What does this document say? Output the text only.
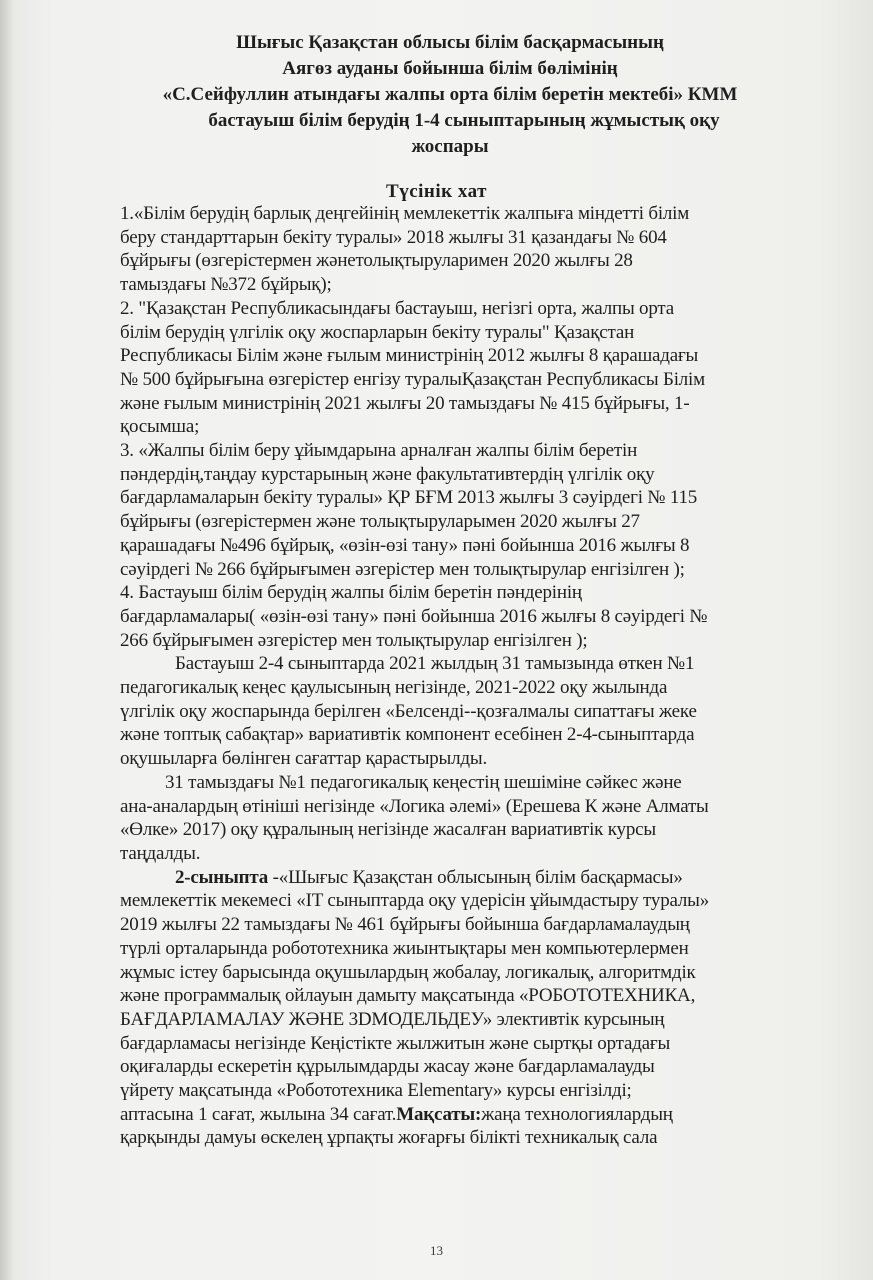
Шығыс Қазақстан облысы білім басқармасының
Аягөз ауданы бойынша білім бөлімінің
«С.Сейфуллин атындағы жалпы орта білім беретін мектебі» КММ
бастауыш білім берудің 1-4 сыныптарының жұмыстық оқу
жоспары
Түсінік хат

1.«Білім берудің барлық деңгейінің мемлекеттік жалпыға міндетті білім
беру стандарттарын бекіту туралы» 2018 жылғы 31 қазандағы № 604
бұйрығы (өзгерістермен жәнетолықтыруларимен 2020 жылғы 28
тамыздағы №372 бұйрық);

2. "Қазақстан Республикасындағы бастауыш, негізгі орта, жалпы орта
білім берудің үлгілік оқу жоспарларын бекіту туралы" Қазақстан
Республикасы Білім және ғылым министрінің 2012 жылғы 8 қарашадағы
№ 500 бұйрығына өзгерістер енгізу туралыҚазақстан Республикасы Білім
және ғылым министрінің 2021 жылғы 20 тамыздағы № 415 бұйрығы, 1-
қосымша;

3. «Жалпы білім беру ұйымдарына арналған жалпы білім беретін
пәндердің,таңдау курстарының және факультативтердің үлгілік оқу
бағдарламаларын бекіту туралы» ҚР БҒМ 2013 жылғы 3 сәуірдегі № 115
бұйрығы (өзгерістермен және толықтыруларымен 2020 жылғы 27
қарашадағы №496 бұйрық, «өзін-өзі тану» пәні бойынша 2016 жылғы 8
сәуірдегі № 266 бұйрығымен әзгерістер мен толықтырулар енгізілген );

4. Бастауыш білім берудің жалпы білім беретін пәндерінің
бағдарламалары( «өзін-өзі тану» пәні бойынша 2016 жылғы 8 сәуірдегі №
266 бұйрығымен әзгерістер мен толықтырулар енгізілген );

Бастауыш 2-4 сыныптарда 2021 жылдың 31 тамызында өткен №1
педагогикалық кеңес қаулысының негізінде, 2021-2022 оқу жылында
үлгілік оқу жоспарында берілген «Белсенді--қозғалмалы сипаттағы жеке
және топтық сабақтар» вариативтік компонент есебінен 2-4-сыныптарда
оқушыларға бөлінген сағаттар қарастырылды.

31 тамыздағы №1 педагогикалық кеңестің шешіміне сәйкес және
ана-аналардың өтініші негізінде «Логика әлемі» (Ерешева К және Алматы
«Өлке» 2017) оқу құралының негізінде жасалған вариативтік курсы
таңдалды.

2-сыныпта -«Шығыс Қазақстан облысының білім басқармасы»
мемлекеттік мекемесі «IT сыныптарда оқу үдерісін ұйымдастыру туралы»
2019 жылғы 22 тамыздағы № 461 бұйрығы бойынша бағдарламалаудың
түрлі орталарында робототехника жиынтықтары мен компьютерлермен
жұмыс істеу барысында оқушылардың жобалау, логикалық, алгоритмдік
және программалық ойлауын дамыту мақсатында «РОБОТОТЕХНИКА,
БАҒДАРЛАМАЛАУ ЖӘНЕ 3DМОДЕЛЬДЕУ» элективтік курсының
бағдарламасы негізінде Кеңістікте жылжитын және сыртқы ортадағы
оқиғаларды ескеретін құрылымдарды жасау және бағдарламалауды
үйрету мақсатында «Робототехника Elementary» курсы енгізілді;
аптасына 1 сағат, жылына 34 сағат.Мақсаты:жаңа технологиялардың
қарқынды дамуы өскелең ұрпақты жоғарғы білікті техникалық сала

13
